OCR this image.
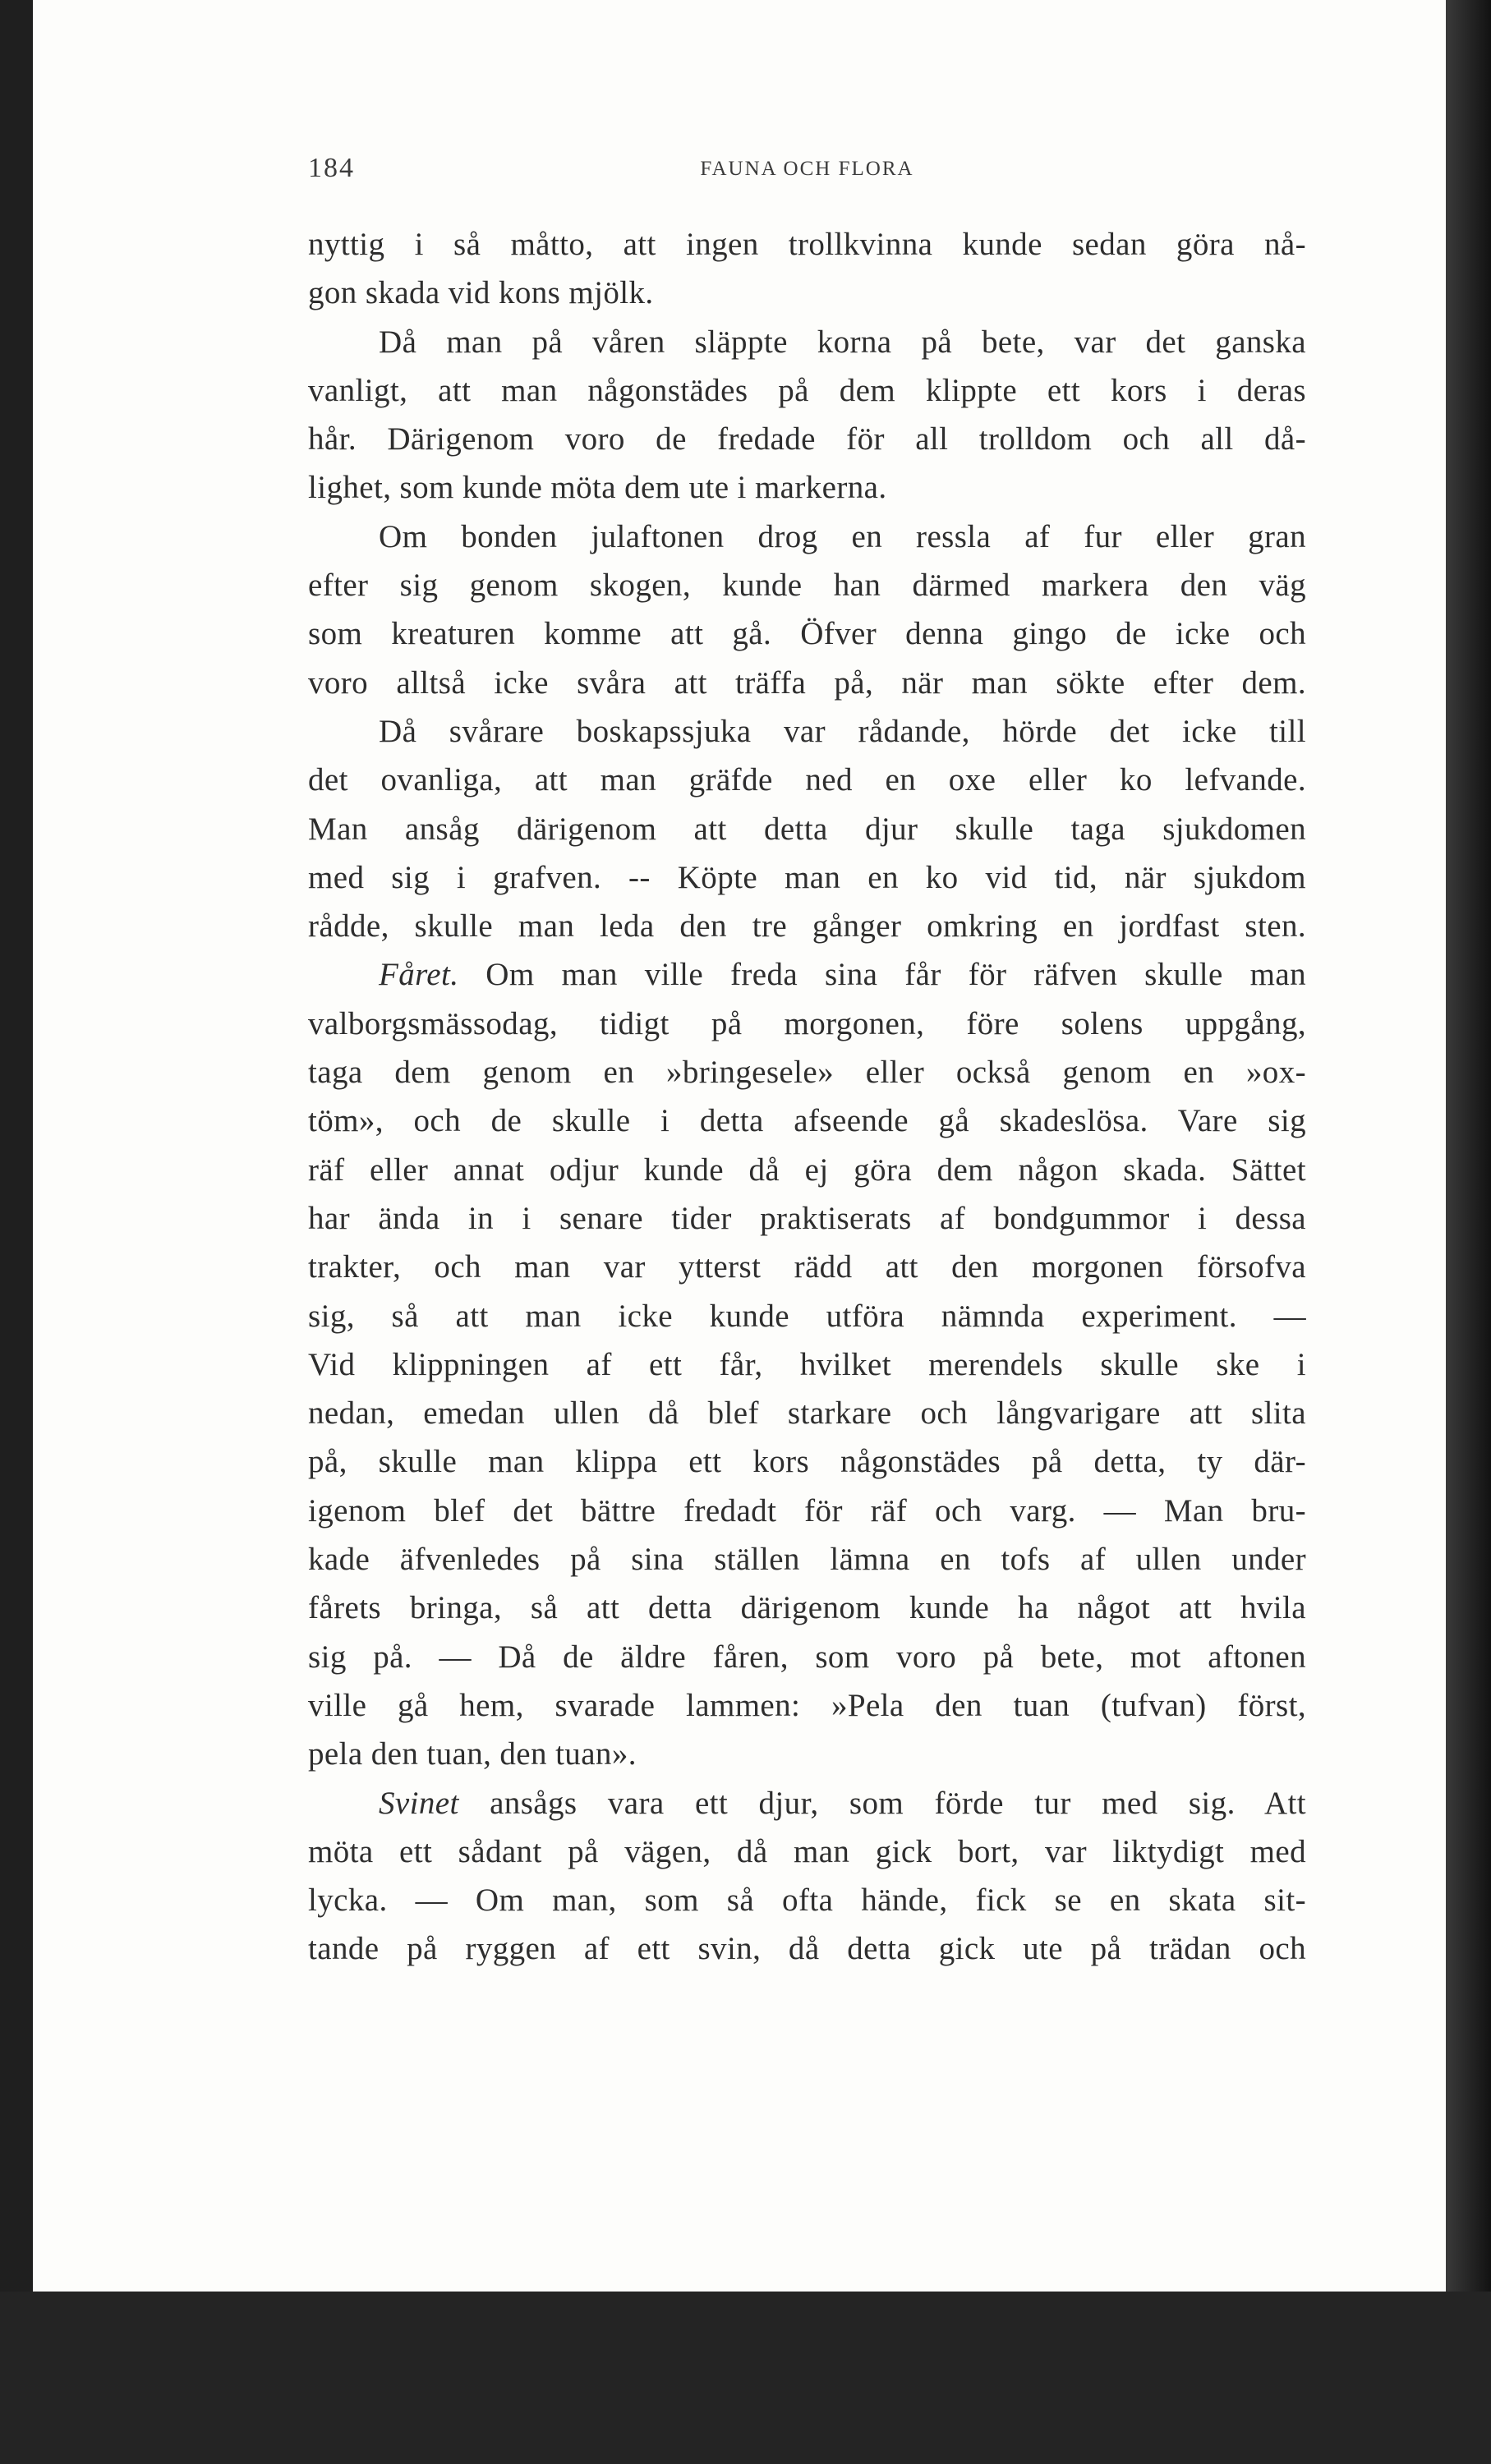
184	FAUNA OCH FLORA
nyttig i så måtto, att ingen trollkvinna kunde sedan göra nå-
gon skada vid kons mjölk.
Då man på våren släppte korna på bete, var det ganska
vanligt, att man någonstädes på dem klippte ett kors i deras
hår. Därigenom voro de fredade för all trolldom och all då-
lighet, som kunde möta dem ute i markerna.
Om bonden julaftonen drog en ressla af fur eller gran
efter sig genom skogen, kunde han därmed markera den väg
som kreaturen komme att gå. Öfver denna gingo de icke och
voro alltså icke svåra att träffa på, när man sökte efter dem.
Då svårare boskapssjuka var rådande, hörde det icke till
det ovanliga, att man gräfde ned en oxe eller ko lefvande.
Man ansåg därigenom att detta djur skulle taga sjukdomen
med sig i grafven. -- Köpte man en ko vid tid, när sjukdom
rådde, skulle man leda den tre gånger omkring en jordfast sten.
Fåret. Om man ville freda sina får för räfven skulle man
valborgsmässodag, tidigt på morgonen, före solens uppgång,
taga dem genom en »bringesele» eller också genom en »ox-
töm», och de skulle i detta afseende gå skadeslösa. Vare sig
räf eller annat odjur kunde då ej göra dem någon skada. Sättet
har ända in i senare tider praktiserats af bondgummor i dessa
trakter, och man var ytterst rädd att den morgonen försofva
sig, så att man icke kunde utföra nämnda experiment. —
Vid klippningen af ett får, hvilket merendels skulle ske i
nedan, emedan ullen då blef starkare och långvarigare att slita
på, skulle man klippa ett kors någonstädes på detta, ty där-
igenom blef det bättre fredadt för räf och varg. — Man bru-
kade äfvenledes på sina ställen lämna en tofs af ullen under
fårets bringa, så att detta därigenom kunde ha något att hvila
sig på. — Då de äldre fåren, som voro på bete, mot aftonen
ville gå hem, svarade lammen: »Pela den tuan (tufvan) först,
pela den tuan, den tuan».
Svinet ansågs vara ett djur, som förde tur med sig. Att
möta ett sådant på vägen, då man gick bort, var liktydigt med
lycka. — Om man, som så ofta hände, fick se en skata sit-
tande på ryggen af ett svin, då detta gick ute på trädan och
